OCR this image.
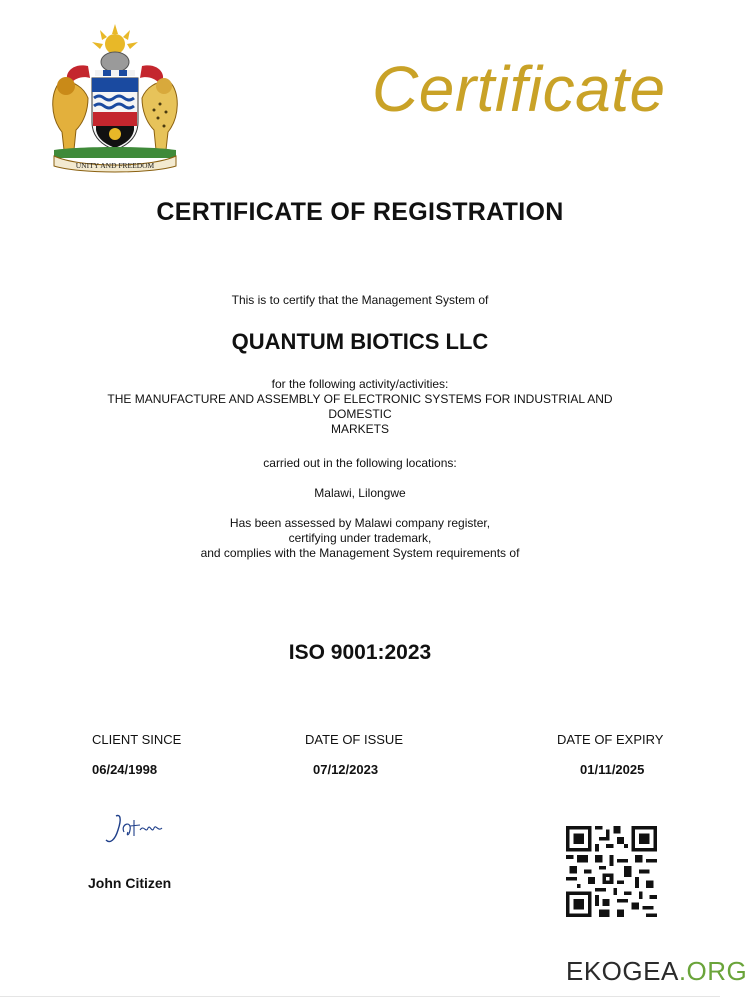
UNITY AND FREEDOM
Certificate
CERTIFICATE OF REGISTRATION
This is to certify that the Management System of
QUANTUM BIOTICS LLC
for the following activity/activities:
THE MANUFACTURE AND ASSEMBLY OF ELECTRONIC SYSTEMS FOR INDUSTRIAL AND
DOMESTIC
MARKETS
carried out in the following locations:
Malawi, Lilongwe
Has been assessed by Malawi company register,
certifying under trademark,
and complies with the Management System requirements of
ISO 9001:2023
CLIENT SINCE	DATE OF ISSUE	DATE OF EXPIRY
06/24/1998	07/12/2023	01/11/2025
John Citizen
EKOGEA.ORG
